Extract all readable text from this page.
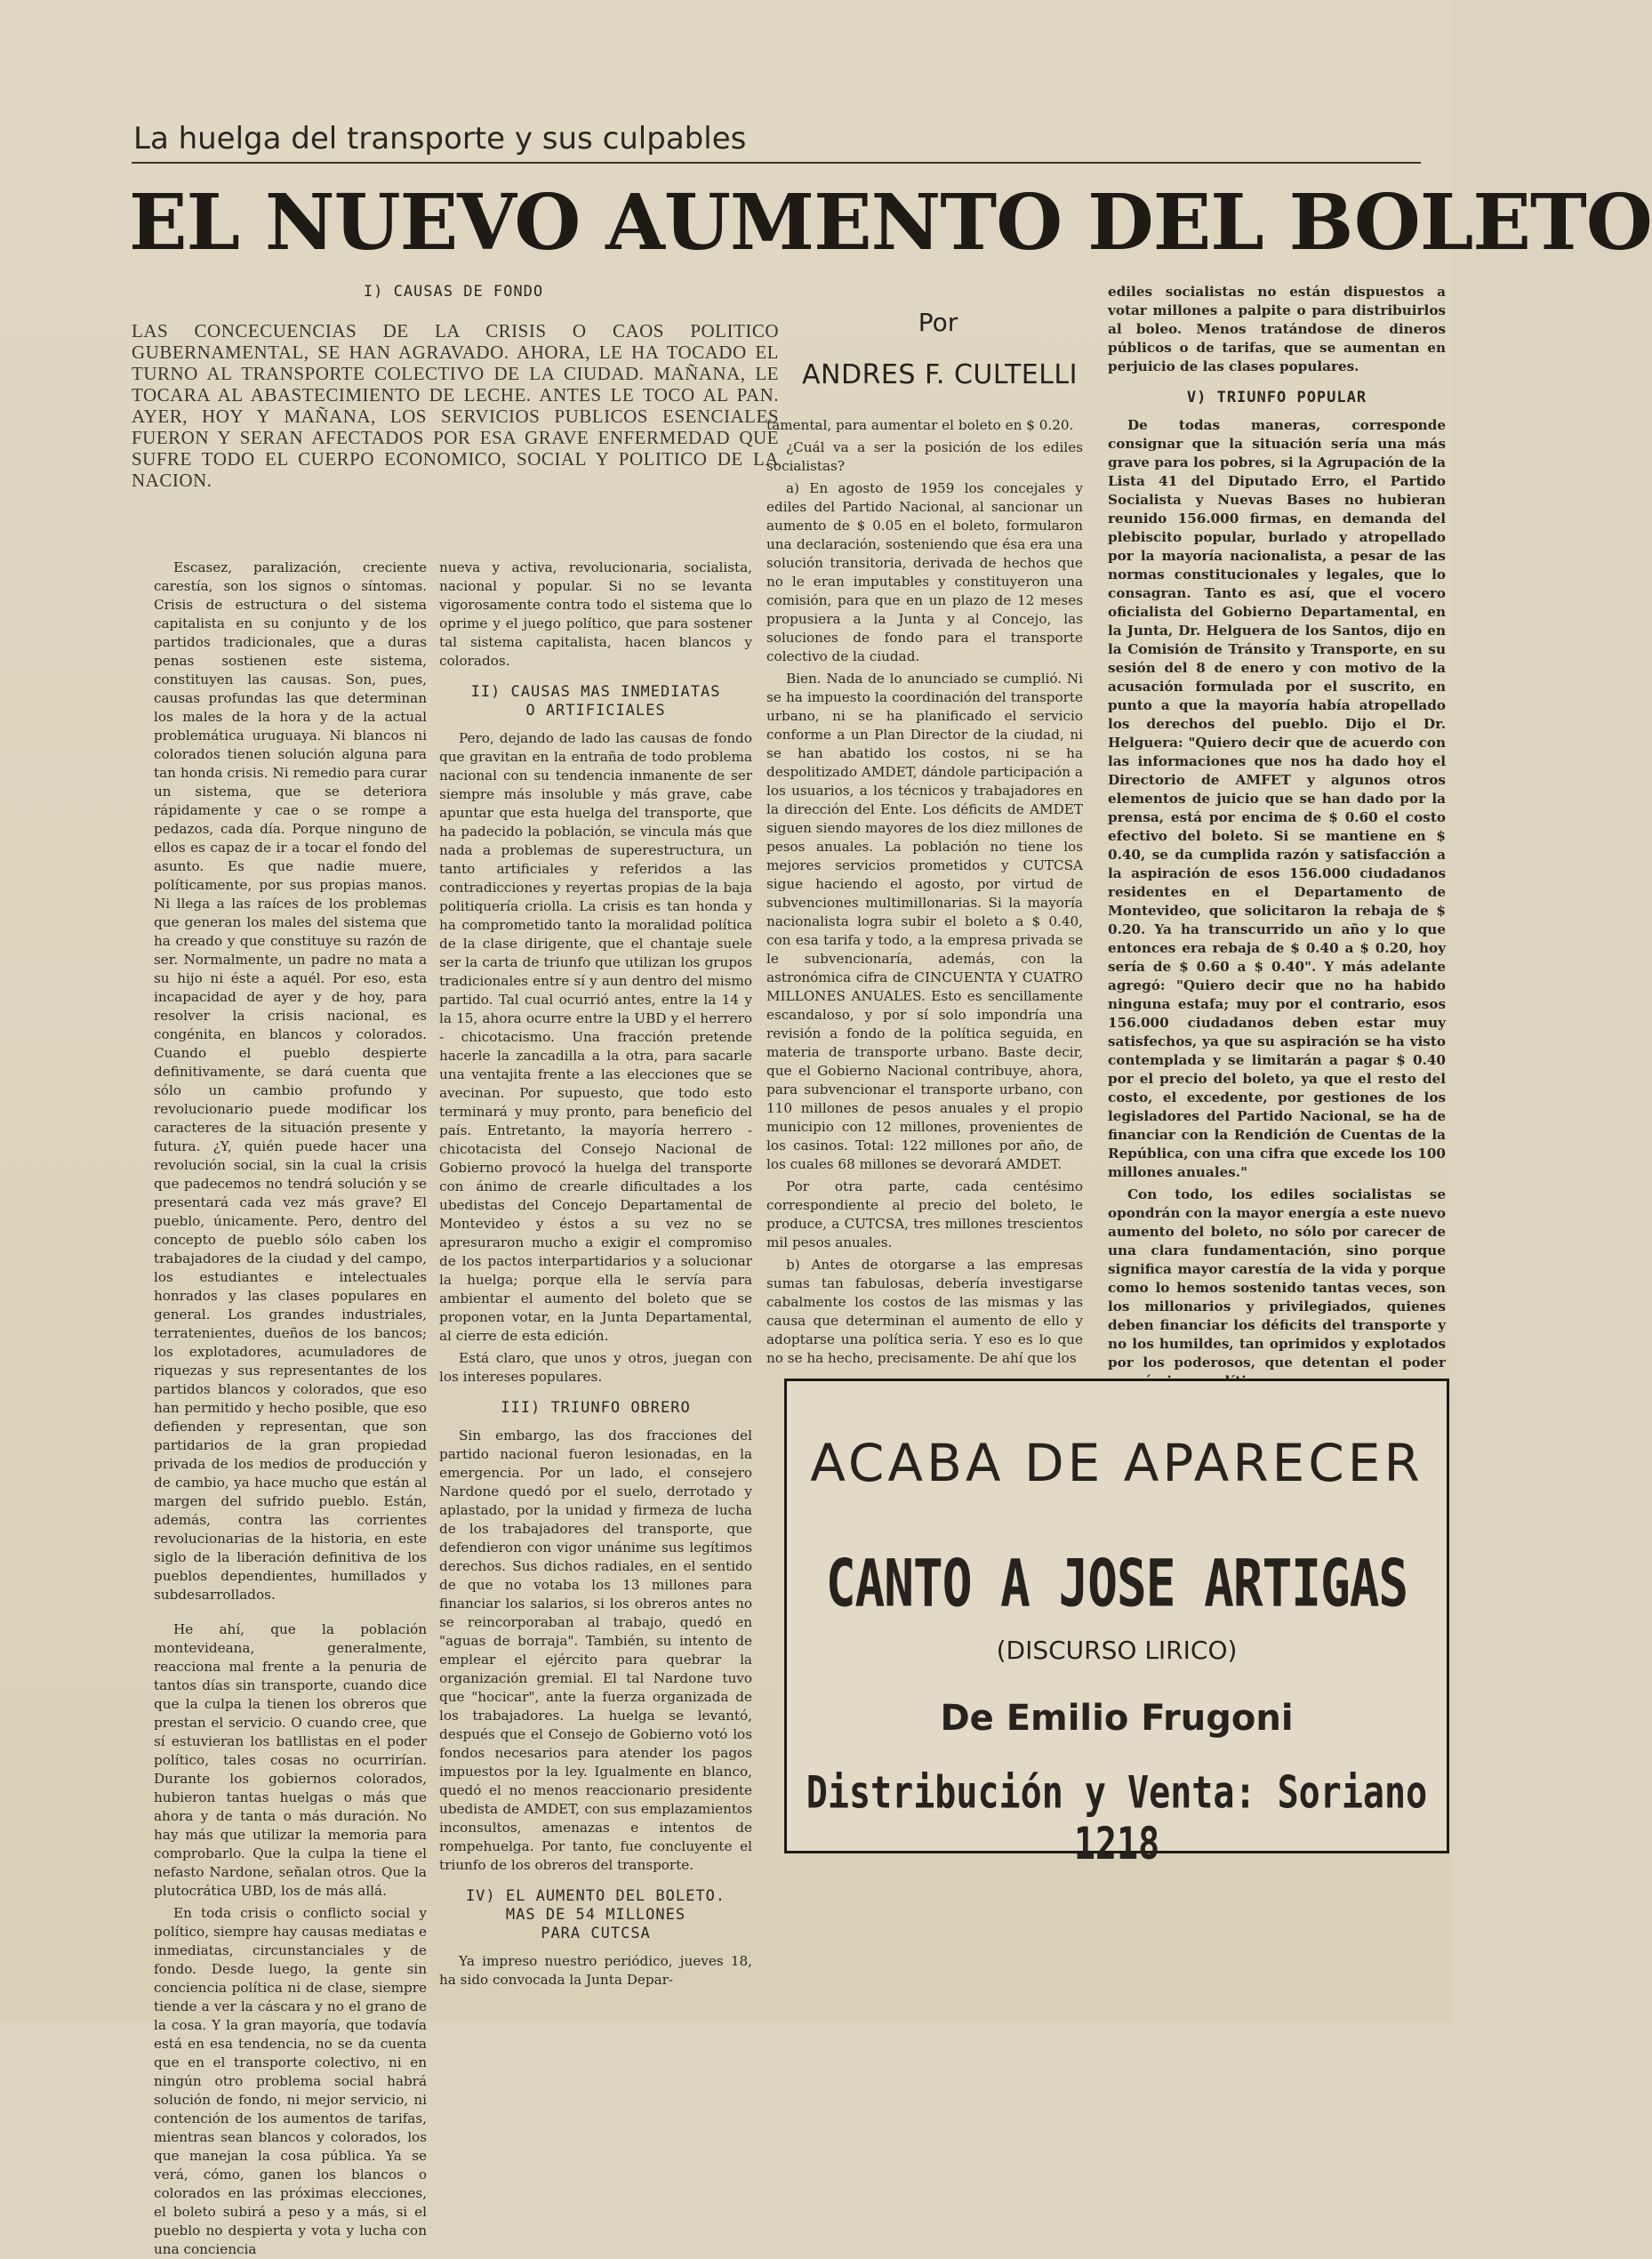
La huelga del transporte y sus culpables
EL NUEVO AUMENTO DEL BOLETO
I) CAUSAS DE FONDO
LAS CONCECUENCIAS DE LA CRISIS O CAOS POLITICO GUBERNAMENTAL, SE HAN AGRAVADO. AHORA, LE HA TOCADO EL TURNO AL TRANSPORTE COLECTIVO DE LA CIUDAD. MAÑANA, LE TOCARA AL ABASTECIMIENTO DE LECHE. ANTES LE TOCO AL PAN. AYER, HOY Y MAÑANA, LOS SERVICIOS PUBLICOS ESENCIALES FUERON Y SERAN AFECTADOS POR ESA GRAVE ENFERMEDAD QUE SUFRE TODO EL CUERPO ECONOMICO, SOCIAL Y POLITICO DE LA NACION.
Por
ANDRES F. CULTELLI

Escasez, paralización, creciente carestía, son los signos o síntomas. Crisis de estructura o del sistema capitalista en su conjunto y de los partidos tradicionales, que a duras penas sostienen este sistema, constituyen las causas. Son, pues, causas profundas las que determinan los males de la hora y de la actual problemática uruguaya. Ni blancos ni colorados tienen solución alguna para tan honda crisis. Ni remedio para curar un sistema, que se deteriora rápidamente y cae o se rompe a pedazos, cada día. Porque ninguno de ellos es capaz de ir a tocar el fondo del asunto. Es que nadie muere, políticamente, por sus propias manos. Ni llega a las raíces de los problemas que generan los males del sistema que ha creado y que constituye su razón de ser. Normalmente, un padre no mata a su hijo ni éste a aquél. Por eso, esta incapacidad de ayer y de hoy, para resolver la crisis nacional, es congénita, en blancos y colorados. Cuando el pueblo despierte definitivamente, se dará cuenta que sólo un cambio profundo y revolucionario puede modificar los caracteres de la situación presente y futura. ¿Y, quién puede hacer una revolución social, sin la cual la crisis que padecemos no tendrá solución y se presentará cada vez más grave? El pueblo, únicamente. Pero, dentro del concepto de pueblo sólo caben los trabajadores de la ciudad y del campo, los estudiantes e intelectuales honrados y las clases populares en general. Los grandes industriales, terratenientes, dueños de los bancos; los explotadores, acumuladores de riquezas y sus representantes de los partidos blancos y colorados, que eso han permitido y hecho posible, que eso defienden y representan, que son partidarios de la gran propiedad privada de los medios de producción y de cambio, ya hace mucho que están al margen del sufrido pueblo. Están, además, contra las corrientes revolucionarias de la historia, en este siglo de la liberación definitiva de los pueblos dependientes, humillados y subdesarrollados.

He ahí, que la población montevideana, generalmente, reacciona mal frente a la penuria de tantos días sin transporte, cuando dice que la culpa la tienen los obreros que prestan el servicio. O cuando cree, que sí estuvieran los batllistas en el poder político, tales cosas no ocurrirían. Durante los gobiernos colorados, hubieron tantas huelgas o más que ahora y de tanta o más duración. No hay más que utilizar la memoria para comprobarlo. Que la culpa la tiene el nefasto Nardone, señalan otros. Que la plutocrática UBD, los de más allá.

En toda crisis o conflicto social y político, siempre hay causas mediatas e inmediatas, circunstanciales y de fondo. Desde luego, la gente sin conciencia política ni de clase, siempre tiende a ver la cáscara y no el grano de la cosa. Y la gran mayoría, que todavía está en esa tendencia, no se da cuenta que en el transporte colectivo, ni en ningún otro problema social habrá solución de fondo, ni mejor servicio, ni contención de los aumentos de tarifas, mientras sean blancos y colorados, los que manejan la cosa pública. Ya se verá, cómo, ganen los blancos o colorados en las próximas elecciones, el boleto subirá a peso y a más, si el pueblo no despierta y vota y lucha con una conciencia

nueva y activa, revolucionaria, socialista, nacional y popular. Si no se levanta vigorosamente contra todo el sistema que lo oprime y el juego político, que para sostener tal sistema capitalista, hacen blancos y colorados.

II) CAUSAS MAS INMEDIATAS
O ARTIFICIALES

Pero, dejando de lado las causas de fondo que gravitan en la entraña de todo problema nacional con su tendencia inmanente de ser siempre más insoluble y más grave, cabe apuntar que esta huelga del transporte, que ha padecido la población, se vincula más que nada a problemas de superestructura, un tanto artificiales y referidos a las contradicciones y reyertas propias de la baja politiquería criolla. La crisis es tan honda y ha comprometido tanto la moralidad política de la clase dirigente, que el chantaje suele ser la carta de triunfo que utilizan los grupos tradicionales entre sí y aun dentro del mismo partido. Tal cual ocurrió antes, entre la 14 y la 15, ahora ocurre entre la UBD y el herrero - chicotacismo. Una fracción pretende hacerle la zancadilla a la otra, para sacarle una ventajita frente a las elecciones que se avecinan. Por supuesto, que todo esto terminará y muy pronto, para beneficio del país. Entretanto, la mayoría herrero - chicotacista del Consejo Nacional de Gobierno provocó la huelga del transporte con ánimo de crearle dificultades a los ubedistas del Concejo Departamental de Montevideo y éstos a su vez no se apresuraron mucho a exigir el compromiso de los pactos interpartidarios y a solucionar la huelga; porque ella le servía para ambientar el aumento del boleto que se proponen votar, en la Junta Departamental, al cierre de esta edición.

Está claro, que unos y otros, juegan con los intereses populares.

III) TRIUNFO OBRERO

Sin embargo, las dos fracciones del partido nacional fueron lesionadas, en la emergencia. Por un lado, el consejero Nardone quedó por el suelo, derrotado y aplastado, por la unidad y firmeza de lucha de los trabajadores del transporte, que defendieron con vigor unánime sus legítimos derechos. Sus dichos radiales, en el sentido de que no votaba los 13 millones para financiar los salarios, si los obreros antes no se reincorporaban al trabajo, quedó en "aguas de borraja". También, su intento de emplear el ejército para quebrar la organización gremial. El tal Nardone tuvo que "hocicar", ante la fuerza organizada de los trabajadores. La huelga se levantó, después que el Consejo de Gobierno votó los fondos necesarios para atender los pagos impuestos por la ley. Igualmente en blanco, quedó el no menos reaccionario presidente ubedista de AMDET, con sus emplazamientos inconsultos, amenazas e intentos de rompehuelga. Por tanto, fue concluyente el triunfo de los obreros del transporte.

IV) EL AUMENTO DEL BOLETO.
MAS DE 54 MILLONES
PARA CUTCSA

Ya impreso nuestro periódico, jueves 18, ha sido convocada la Junta Depar-

tamental, para aumentar el boleto en $ 0.20.

¿Cuál va a ser la posición de los ediles socialistas?

a) En agosto de 1959 los concejales y ediles del Partido Nacional, al sancionar un aumento de $ 0.05 en el boleto, formularon una declaración, sosteniendo que ésa era una solución transitoria, derivada de hechos que no le eran imputables y constituyeron una comisión, para que en un plazo de 12 meses propusiera a la Junta y al Concejo, las soluciones de fondo para el transporte colectivo de la ciudad.

Bien. Nada de lo anunciado se cumplió. Ni se ha impuesto la coordinación del transporte urbano, ni se ha planificado el servicio conforme a un Plan Director de la ciudad, ni se han abatido los costos, ni se ha despolitizado AMDET, dándole participación a los usuarios, a los técnicos y trabajadores en la dirección del Ente. Los déficits de AMDET siguen siendo mayores de los diez millones de pesos anuales. La población no tiene los mejores servicios prometidos y CUTCSA sigue haciendo el agosto, por virtud de subvenciones multimillonarias. Si la mayoría nacionalista logra subir el boleto a $ 0.40, con esa tarifa y todo, a la empresa privada se le subvencionaría, además, con la astronómica cifra de CINCUENTA Y CUATRO MILLONES ANUALES. Esto es sencillamente escandaloso, y por sí solo impondría una revisión a fondo de la política seguida, en materia de transporte urbano. Baste decir, que el Gobierno Nacional contribuye, ahora, para subvencionar el transporte urbano, con 110 millones de pesos anuales y el propio municipio con 12 millones, provenientes de los casinos. Total: 122 millones por año, de los cuales 68 millones se devorará AMDET.

Por otra parte, cada centésimo correspondiente al precio del boleto, le produce, a CUTCSA, tres millones trescientos mil pesos anuales.

b) Antes de otorgarse a las empresas sumas tan fabulosas, debería investigarse cabalmente los costos de las mismas y las causa que determinan el aumento de ello y adoptarse una política seria. Y eso es lo que no se ha hecho, precisamente. De ahí que los

ediles socialistas no están dispuestos a votar millones a palpite o para distribuirlos al boleo. Menos tratándose de dineros públicos o de tarifas, que se aumentan en perjuicio de las clases populares.

V) TRIUNFO POPULAR

De todas maneras, corresponde consignar que la situación sería una más grave para los pobres, si la Agrupación de la Lista 41 del Diputado Erro, el Partido Socialista y Nuevas Bases no hubieran reunido 156.000 firmas, en demanda del plebiscito popular, burlado y atropellado por la mayoría nacionalista, a pesar de las normas constitucionales y legales, que lo consagran. Tanto es así, que el vocero oficialista del Gobierno Departamental, en la Junta, Dr. Helguera de los Santos, dijo en la Comisión de Tránsito y Transporte, en su sesión del 8 de enero y con motivo de la acusación formulada por el suscrito, en punto a que la mayoría había atropellado los derechos del pueblo. Dijo el Dr. Helguera: "Quiero decir que de acuerdo con las informaciones que nos ha dado hoy el Directorio de AMFET y algunos otros elementos de juicio que se han dado por la prensa, está por encima de $ 0.60 el costo efectivo del boleto. Si se mantiene en $ 0.40, se da cumplida razón y satisfacción a la aspiración de esos 156.000 ciudadanos residentes en el Departamento de Montevideo, que solicitaron la rebaja de $ 0.20. Ya ha transcurrido un año y lo que entonces era rebaja de $ 0.40 a $ 0.20, hoy sería de $ 0.60 a $ 0.40". Y más adelante agregó: "Quiero decir que no ha habido ninguna estafa; muy por el contrario, esos 156.000 ciudadanos deben estar muy satisfechos, ya que su aspiración se ha visto contemplada y se limitarán a pagar $ 0.40 por el precio del boleto, ya que el resto del costo, el excedente, por gestiones de los legisladores del Partido Nacional, se ha de financiar con la Rendición de Cuentas de la República, con una cifra que excede los 100 millones anuales."

Con todo, los ediles socialistas se opondrán con la mayor energía a este nuevo aumento del boleto, no sólo por carecer de una clara fundamentación, sino porque significa mayor carestía de la vida y porque como lo hemos sostenido tantas veces, son los millonarios y privilegiados, quienes deben financiar los déficits del transporte y no los humildes, tan oprimidos y explotados por los poderosos, que detentan el poder

ACABA DE APARECER
CANTO A JOSE ARTIGAS
(DISCURSO LIRICO)
De Emilio Frugoni
Distribución y Venta: Soriano 1218
